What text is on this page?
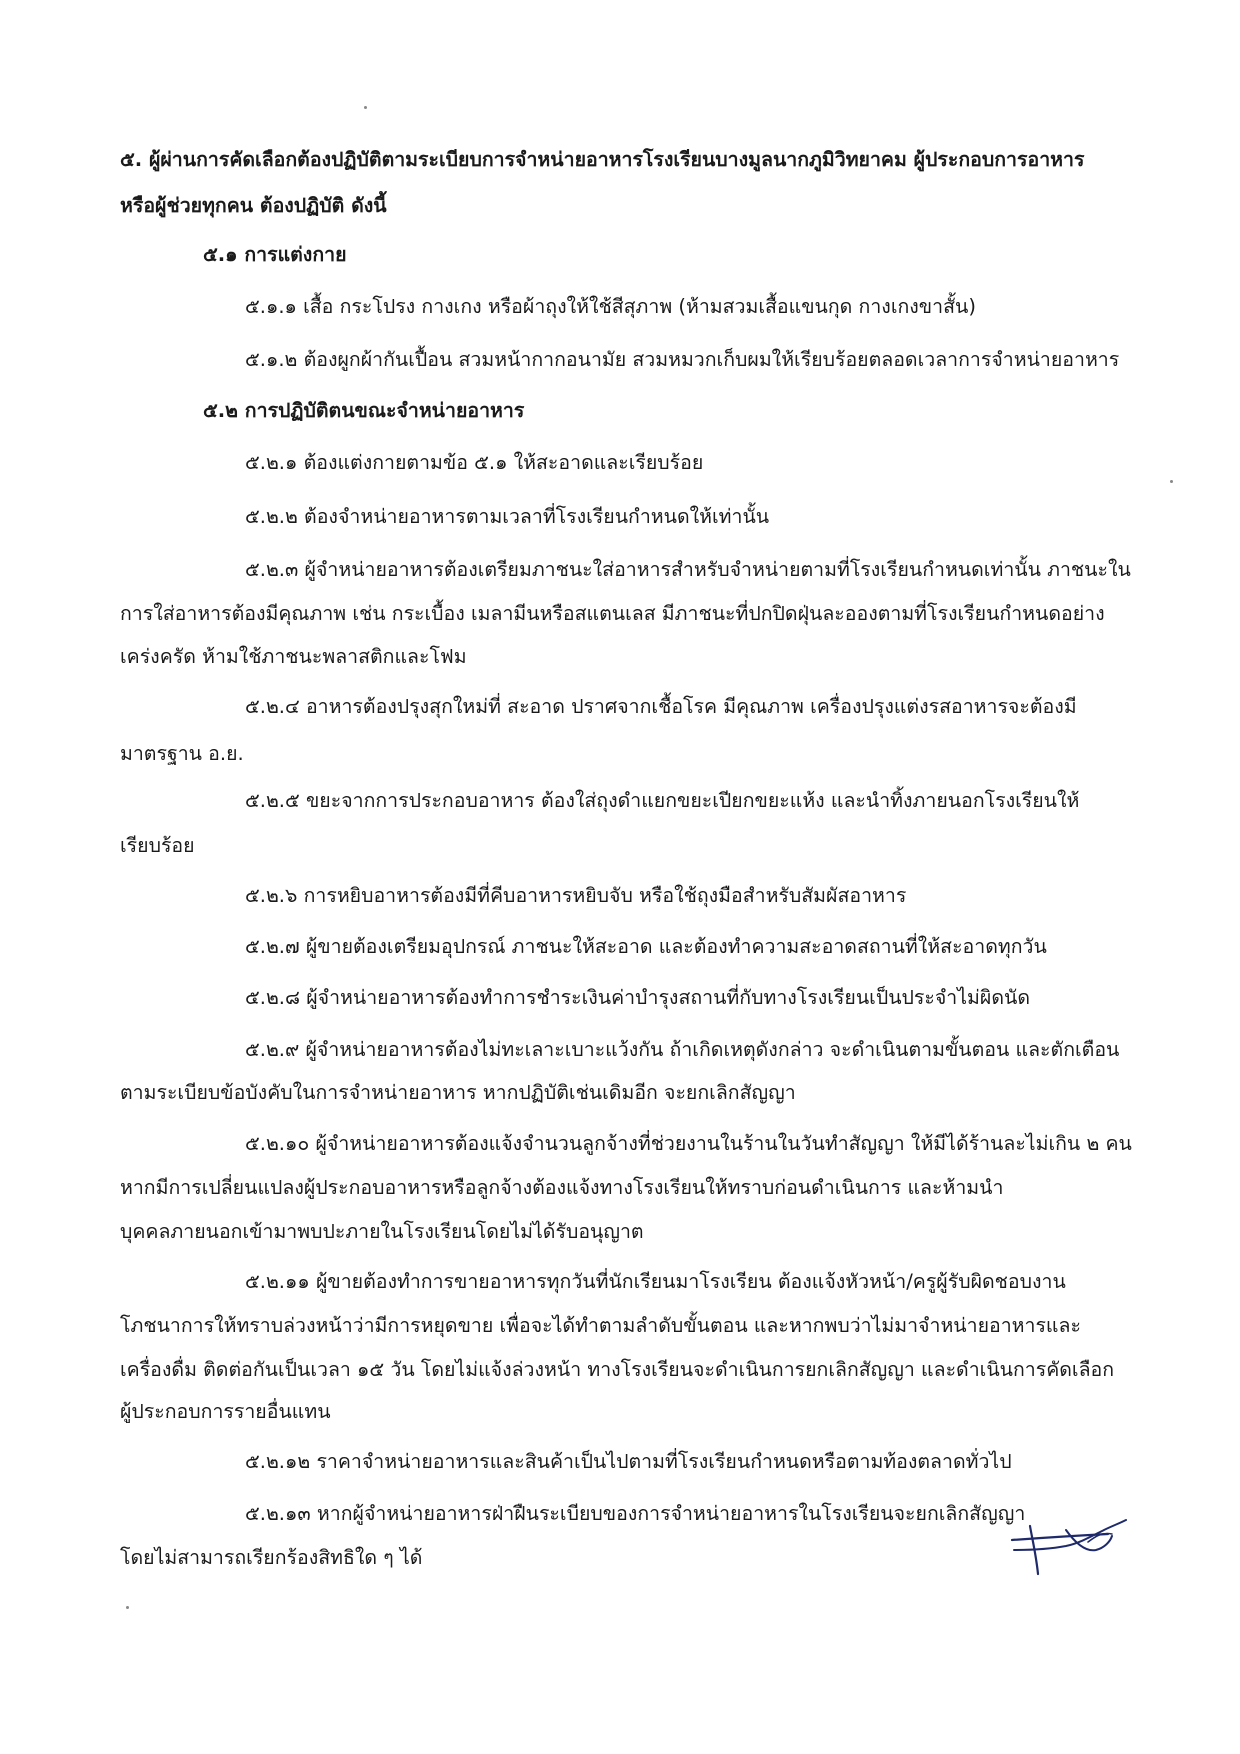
๕. ผู้ผ่านการคัดเลือกต้องปฏิบัติตามระเบียบการจำหน่ายอาหารโรงเรียนบางมูลนากภูมิวิทยาคม ผู้ประกอบการอาหาร
หรือผู้ช่วยทุกคน ต้องปฏิบัติ ดังนี้
๕.๑ การแต่งกาย
๕.๑.๑ เสื้อ กระโปรง กางเกง หรือผ้าถุงให้ใช้สีสุภาพ (ห้ามสวมเสื้อแขนกุด กางเกงขาสั้น)
๕.๑.๒ ต้องผูกผ้ากันเปื้อน สวมหน้ากากอนามัย สวมหมวกเก็บผมให้เรียบร้อยตลอดเวลาการจำหน่ายอาหาร
๕.๒ การปฏิบัติตนขณะจำหน่ายอาหาร
๕.๒.๑ ต้องแต่งกายตามข้อ ๕.๑ ให้สะอาดและเรียบร้อย
๕.๒.๒ ต้องจำหน่ายอาหารตามเวลาที่โรงเรียนกำหนดให้เท่านั้น
๕.๒.๓ ผู้จำหน่ายอาหารต้องเตรียมภาชนะใส่อาหารสำหรับจำหน่ายตามที่โรงเรียนกำหนดเท่านั้น ภาชนะใน
การใส่อาหารต้องมีคุณภาพ เช่น กระเบื้อง เมลามีนหรือสแตนเลส มีภาชนะที่ปกปิดฝุ่นละอองตามที่โรงเรียนกำหนดอย่าง
เคร่งครัด ห้ามใช้ภาชนะพลาสติกและโฟม
๕.๒.๔ อาหารต้องปรุงสุกใหม่ที่ สะอาด ปราศจากเชื้อโรค มีคุณภาพ เครื่องปรุงแต่งรสอาหารจะต้องมี
มาตรฐาน อ.ย.
๕.๒.๕ ขยะจากการประกอบอาหาร ต้องใส่ถุงดำแยกขยะเปียกขยะแห้ง และนำทิ้งภายนอกโรงเรียนให้
เรียบร้อย
๕.๒.๖ การหยิบอาหารต้องมีที่คีบอาหารหยิบจับ หรือใช้ถุงมือสำหรับสัมผัสอาหาร
๕.๒.๗ ผู้ขายต้องเตรียมอุปกรณ์ ภาชนะให้สะอาด และต้องทำความสะอาดสถานที่ให้สะอาดทุกวัน
๕.๒.๘ ผู้จำหน่ายอาหารต้องทำการชำระเงินค่าบำรุงสถานที่กับทางโรงเรียนเป็นประจำไม่ผิดนัด
๕.๒.๙ ผู้จำหน่ายอาหารต้องไม่ทะเลาะเบาะแว้งกัน ถ้าเกิดเหตุดังกล่าว จะดำเนินตามขั้นตอน และตักเตือน
ตามระเบียบข้อบังคับในการจำหน่ายอาหาร หากปฏิบัติเช่นเดิมอีก จะยกเลิกสัญญา
๕.๒.๑๐ ผู้จำหน่ายอาหารต้องแจ้งจำนวนลูกจ้างที่ช่วยงานในร้านในวันทำสัญญา ให้มีได้ร้านละไม่เกิน ๒ คน
หากมีการเปลี่ยนแปลงผู้ประกอบอาหารหรือลูกจ้างต้องแจ้งทางโรงเรียนให้ทราบก่อนดำเนินการ และห้ามนำ
บุคคลภายนอกเข้ามาพบปะภายในโรงเรียนโดยไม่ได้รับอนุญาต
๕.๒.๑๑ ผู้ขายต้องทำการขายอาหารทุกวันที่นักเรียนมาโรงเรียน ต้องแจ้งหัวหน้า/ครูผู้รับผิดชอบงาน
โภชนาการให้ทราบล่วงหน้าว่ามีการหยุดขาย เพื่อจะได้ทำตามลำดับขั้นตอน และหากพบว่าไม่มาจำหน่ายอาหารและ
เครื่องดื่ม ติดต่อกันเป็นเวลา ๑๕ วัน โดยไม่แจ้งล่วงหน้า ทางโรงเรียนจะดำเนินการยกเลิกสัญญา และดำเนินการคัดเลือก
ผู้ประกอบการรายอื่นแทน
๕.๒.๑๒ ราคาจำหน่ายอาหารและสินค้าเป็นไปตามที่โรงเรียนกำหนดหรือตามท้องตลาดทั่วไป
๕.๒.๑๓ หากผู้จำหน่ายอาหารฝ่าฝืนระเบียบของการจำหน่ายอาหารในโรงเรียนจะยกเลิกสัญญา
โดยไม่สามารถเรียกร้องสิทธิใด ๆ ได้
